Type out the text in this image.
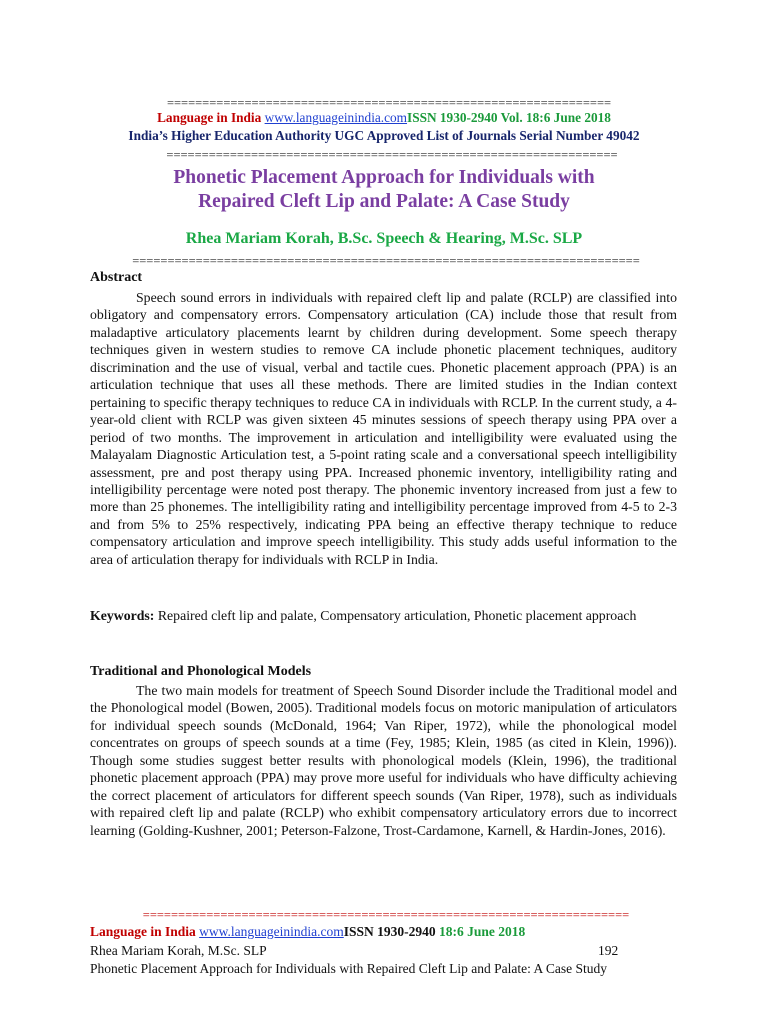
===============================================================
Language in India www.languageinindia.comISSN 1930-2940 Vol. 18:6 June 2018
India’s Higher Education Authority UGC Approved List of Journals Serial Number 49042
================================================================
Phonetic Placement Approach for Individuals with
Repaired Cleft Lip and Palate: A Case Study
Rhea Mariam Korah, B.Sc. Speech & Hearing, M.Sc. SLP
========================================================================
Abstract

Speech sound errors in individuals with repaired cleft lip and palate (RCLP) are classified into obligatory and compensatory errors. Compensatory articulation (CA) include those that result from maladaptive articulatory placements learnt by children during development. Some speech therapy techniques given in western studies to remove CA include phonetic placement techniques, auditory discrimination and the use of visual, verbal and tactile cues. Phonetic placement approach (PPA) is an articulation technique that uses all these methods. There are limited studies in the Indian context pertaining to specific therapy techniques to reduce CA in individuals with RCLP. In the current study, a 4-year-old client with RCLP was given sixteen 45 minutes sessions of speech therapy using PPA over a period of two months. The improvement in articulation and intelligibility were evaluated using the Malayalam Diagnostic Articulation test, a 5-point rating scale and a conversational speech intelligibility assessment, pre and post therapy using PPA. Increased phonemic inventory, intelligibility rating and intelligibility percentage were noted post therapy. The phonemic inventory increased from just a few to more than 25 phonemes. The intelligibility rating and intelligibility percentage improved from 4-5 to 2-3 and from 5% to 25% respectively, indicating PPA being an effective therapy technique to reduce compensatory articulation and improve speech intelligibility. This study adds useful information to the area of articulation therapy for individuals with RCLP in India.

Keywords: Repaired cleft lip and palate, Compensatory articulation, Phonetic placement approach

Traditional and Phonological Models

The two main models for treatment of Speech Sound Disorder include the Traditional model and the Phonological model (Bowen, 2005). Traditional models focus on motoric manipulation of articulators for individual speech sounds (McDonald, 1964; Van Riper, 1972), while the phonological model concentrates on groups of speech sounds at a time (Fey, 1985; Klein, 1985 (as cited in Klein, 1996)). Though some studies suggest better results with phonological models (Klein, 1996), the traditional phonetic placement approach (PPA) may prove more useful for individuals who have difficulty achieving the correct placement of articulators for different speech sounds (Van Riper, 1978), such as individuals with repaired cleft lip and palate (RCLP) who exhibit compensatory articulatory errors due to incorrect learning (Golding-Kushner, 2001; Peterson-Falzone, Trost-Cardamone, Karnell, & Hardin-Jones, 2016).

=====================================================================
Language in India www.languageinindia.comISSN 1930-2940 18:6 June 2018
Rhea Mariam Korah, M.Sc. SLP	192
Phonetic Placement Approach for Individuals with Repaired Cleft Lip and Palate: A Case Study
